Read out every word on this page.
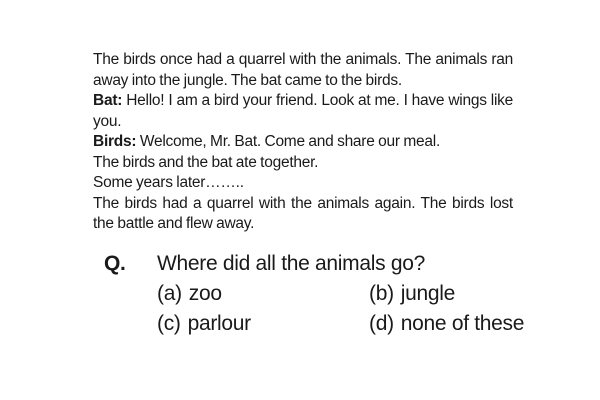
The birds once had a quarrel with the animals. The animals ran away into the jungle. The bat came to the birds.

Bat: Hello! I am a bird your friend. Look at me. I have wings like you.

Birds: Welcome, Mr. Bat. Come and share our meal.

The birds and the bat ate together.

Some years later……..

The birds had a quarrel with the animals again. The birds lost the battle and flew away.

Q. Where did all the animals go?
(a) zoo	(b) jungle
(c) parlour	(d) none of these
